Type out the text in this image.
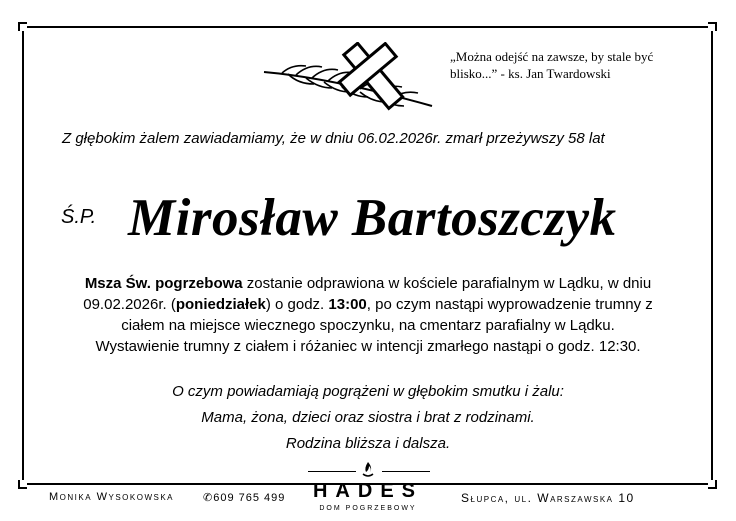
„Można odejść na zawsze, by stale być
blisko...” - ks. Jan Twardowski
Z głębokim żalem zawiadamiamy, że w dniu 06.02.2026r. zmarł przeżywszy 58 lat
Ś.P. Mirosław Bartoszczyk

Msza Św. pogrzebowa zostanie odprawiona w kościele parafialnym w Lądku, w dniu

09.02.2026r. (poniedziałek) o godz. 13:00, po czym nastąpi wyprowadzenie trumny z

ciałem na miejsce wiecznego spoczynku, na cmentarz parafialny w Lądku.

Wystawienie trumny z ciałem i różaniec w intencji zmarłego nastąpi o godz. 12:30.

O czym powiadamiają pogrążeni w głębokim smutku i żalu:

Mama, żona, dzieci oraz siostra i brat z rodzinami.

Rodzina bliższa i dalsza.

Monika Wysokowska	✆609 765 499	Słupca, ul. Warszawska 10
HADES
DOM POGRZEBOWY
